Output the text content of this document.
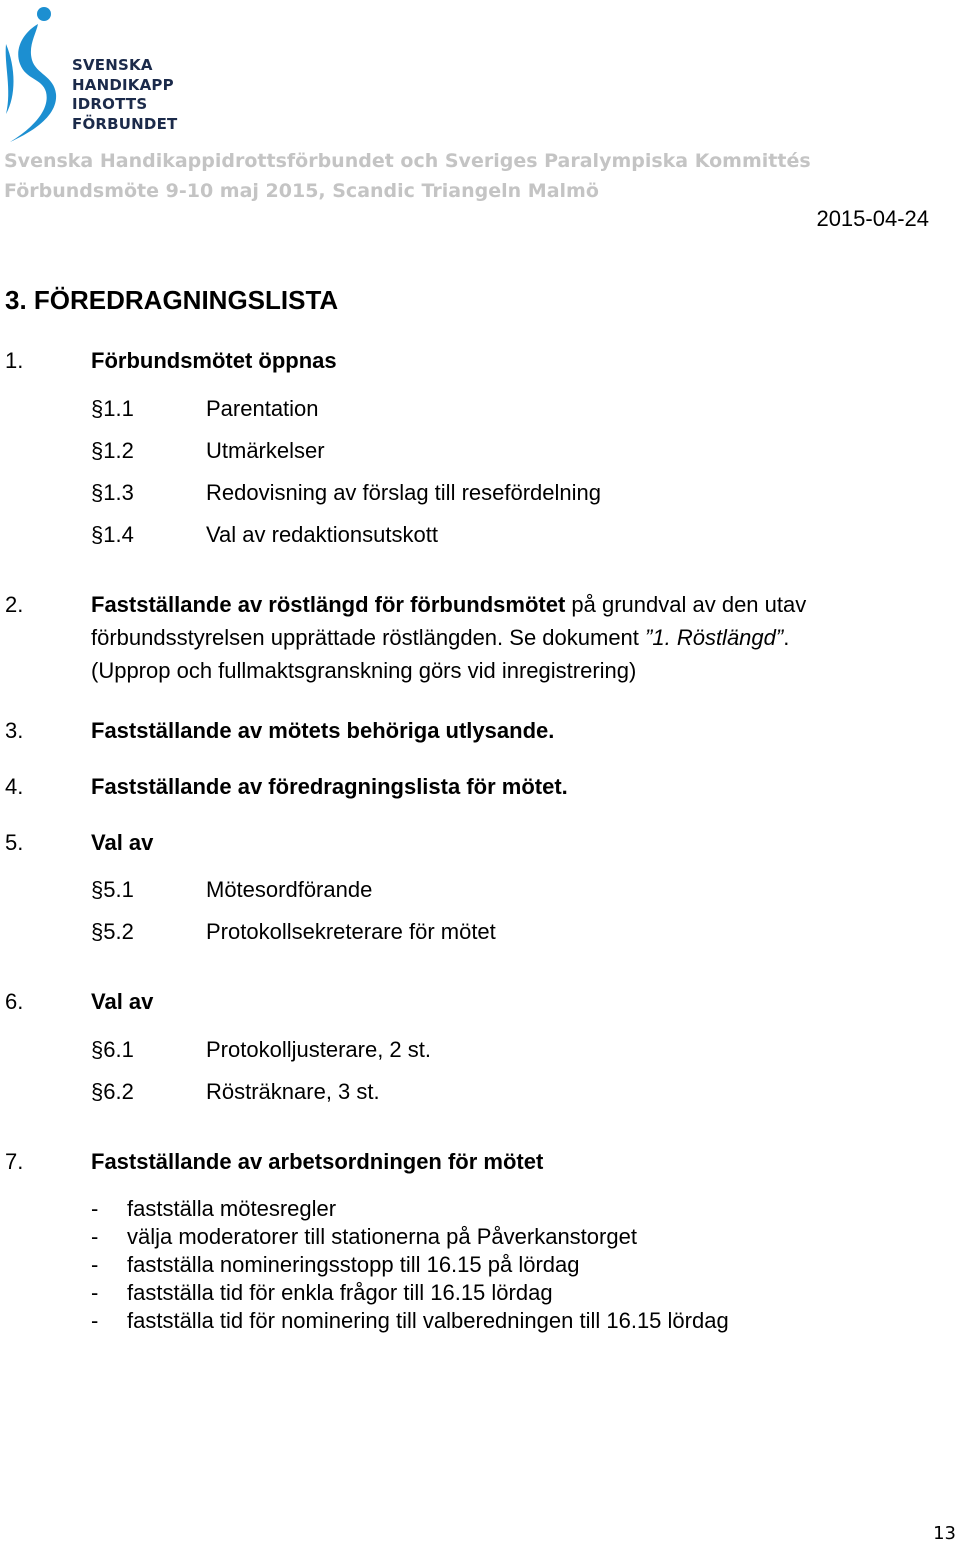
SVENSKA
HANDIKAPP
IDROTTS
FÖRBUNDET
Svenska Handikappidrottsförbundet och Sveriges Paralympiska Kommittés
Förbundsmöte 9-10 maj 2015, Scandic Triangeln Malmö
2015-04-24
3. FÖREDRAGNINGSLISTA
1.	Förbundsmötet öppnas
§1.1	Parentation
§1.2	Utmärkelser
§1.3	Redovisning av förslag till resefördelning
§1.4	Val av redaktionsutskott
2.	Fastställande av röstlängd för förbundsmötet på grundval av den utav förbundsstyrelsen upprättade röstlängden. Se dokument ”1. Röstlängd”.
(Upprop och fullmaktsgranskning görs vid inregistrering)
3.	Fastställande av mötets behöriga utlysande.
4.	Fastställande av föredragningslista för mötet.
5.	Val av
§5.1	Mötesordförande
§5.2	Protokollsekreterare för mötet
6.	Val av
§6.1	Protokolljusterare, 2 st.
§6.2	Rösträknare, 3 st.
7.	Fastställande av arbetsordningen för mötet
- fastställa mötesregler
- välja moderatorer till stationerna på Påverkanstorget
- fastställa nomineringsstopp till 16.15 på lördag
- fastställa tid för enkla frågor till 16.15 lördag
- fastställa tid för nominering till valberedningen till 16.15 lördag
13
